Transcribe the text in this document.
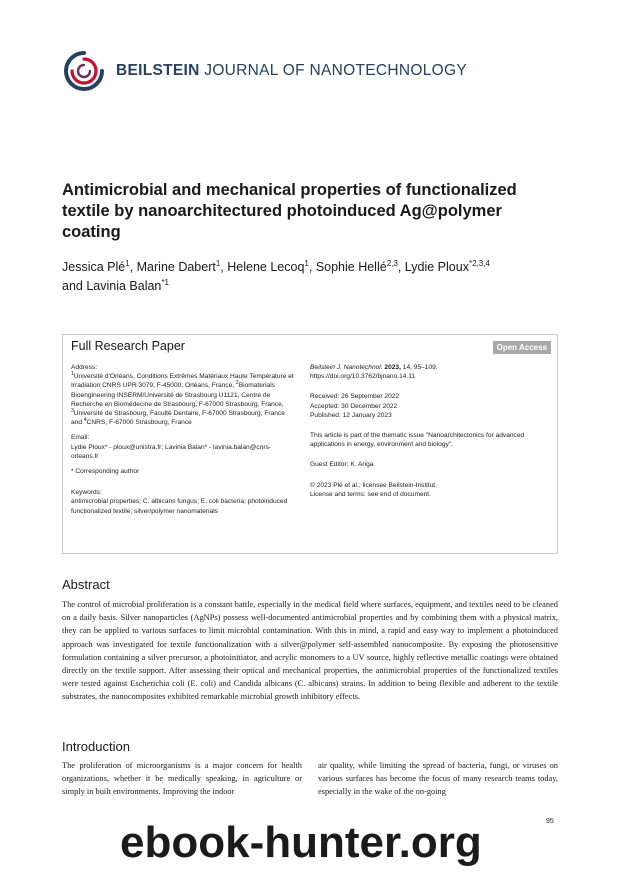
BEILSTEIN JOURNAL OF NANOTECHNOLOGY
Antimicrobial and mechanical properties of functionalized textile by nanoarchitectured photoinduced Ag@polymer coating
Jessica Plé$^1$, Marine Dabert$^1$, Helene Lecoq$^1$, Sophie Hellé$^{2,3}$, Lydie Ploux$^{*2,3,4}$
and Lavinia Balan$^{*1}$
Full Research Paper	Open Access

Address:

$^1$Université d'Orléans, Conditions Extrêmes Matériaux Haute Température et Irradiation CNRS UPR 3079, F-45000, Orléans, France, $^2$Biomaterials Bioengineering INSERM/Université de Strasbourg U1121, Centre de Recherche en Biomédecine de Strasbourg, F-67000 Strasbourg, France, $^3$Université de Strasbourg, Faculté Dentaire, F-67000 Strasbourg, France and $^4$CNRS, F-67000 Strasbourg, France

Email:

Lydie Ploux* - ploux@unistra.fr; Lavinia Balan* - lavinia.balan@cnrs-orleans.fr

* Corresponding author

Keywords:

antimicrobial properties; C. albicans fungus; E. coli bacteria; photoinduced functionalized textile; silver/polymer nanomaterials

Beilstein J. Nanotechnol. 2023, 14, 95–109.

https://doi.org/10.3762/bjnano.14.11

Received: 26 September 2022

Accepted: 30 December 2022

Published: 12 January 2023

This article is part of the thematic issue "Nanoarchitectonics for advanced applications in energy, environment and biology".

Guest Editor: K. Ariga

© 2023 Plé et al.; licensee Beilstein-Institut.

License and terms: see end of document.

Abstract
The control of microbial proliferation is a constant battle, especially in the medical field where surfaces, equipment, and textiles need to be cleaned on a daily basis. Silver nanoparticles (AgNPs) possess well-documented antimicrobial properties and by combining them with a physical matrix, they can be applied to various surfaces to limit microbial contamination. With this in mind, a rapid and easy way to implement a photoinduced approach was investigated for textile functionalization with a silver@polymer self-assembled nanocomposite. By exposing the photosensitive formulation containing a silver precursor, a photoinitiator, and acrylic monomers to a UV source, highly reflective metallic coatings were obtained directly on the textile support. After assessing their optical and mechanical properties, the antimicrobial properties of the functionalized textiles were tested against Escherichia coli (E. coli) and Candida albicans (C. albicans) strains. In addition to being flexible and adherent to the textile substrates, the nanocomposites exhibited remarkable microbial growth inhibitory effects.
Introduction
The proliferation of microorganisms is a major concern for health organizations, whether it be medically speaking, in agriculture or simply in built environments. Improving the indoor
air quality, while limiting the spread of bacteria, fungi, or viruses on various surfaces has become the focus of many research teams today, especially in the wake of the on-going
95
ebook-hunter.org
